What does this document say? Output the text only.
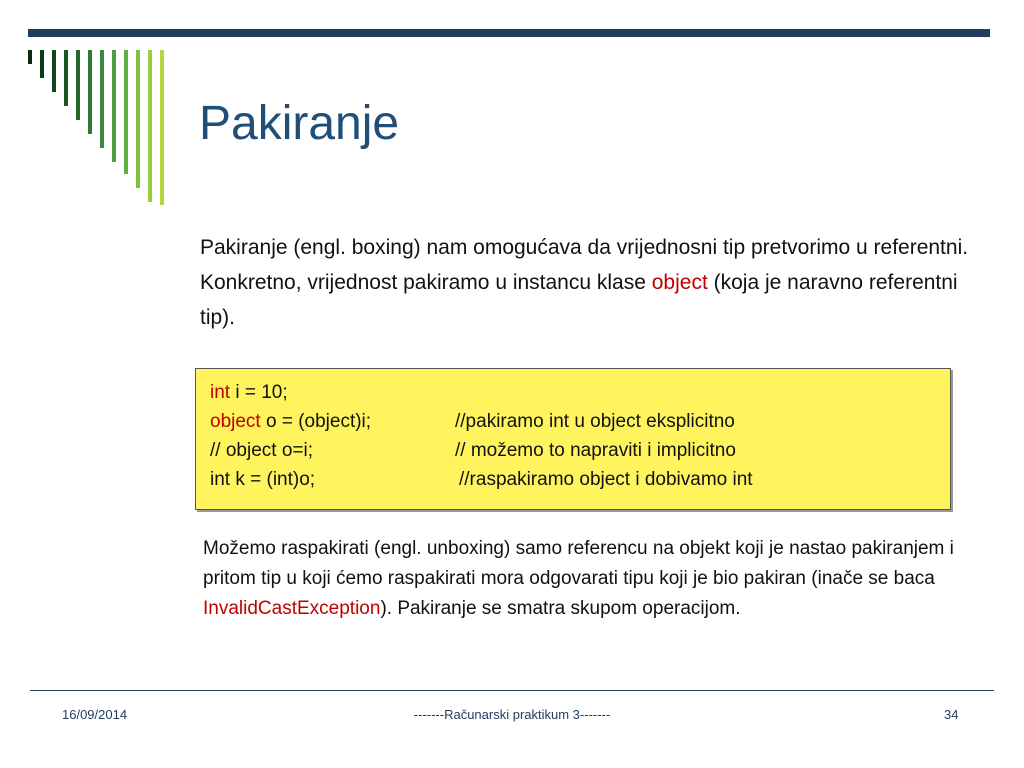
Pakiranje

Pakiranje (engl. boxing) nam omogućava da vrijednosni tip pretvorimo u referentni. Konkretno, vrijednost pakiramo u instancu klase object (koja je naravno referentni tip).

int i = 10;
object o = (object)i;	//pakiramo int u object eksplicitno
// object o=i;	// možemo to napraviti i implicitno
int k = (int)o;	//raspakiramo object i dobivamo int

Možemo raspakirati (engl. unboxing) samo referencu na objekt koji je nastao pakiranjem i pritom tip u koji ćemo raspakirati mora odgovarati tipu koji je bio pakiran (inače se baca InvalidCastException). Pakiranje se smatra skupom operacijom.

16/09/2014	-------Računarski praktikum 3-------	34
